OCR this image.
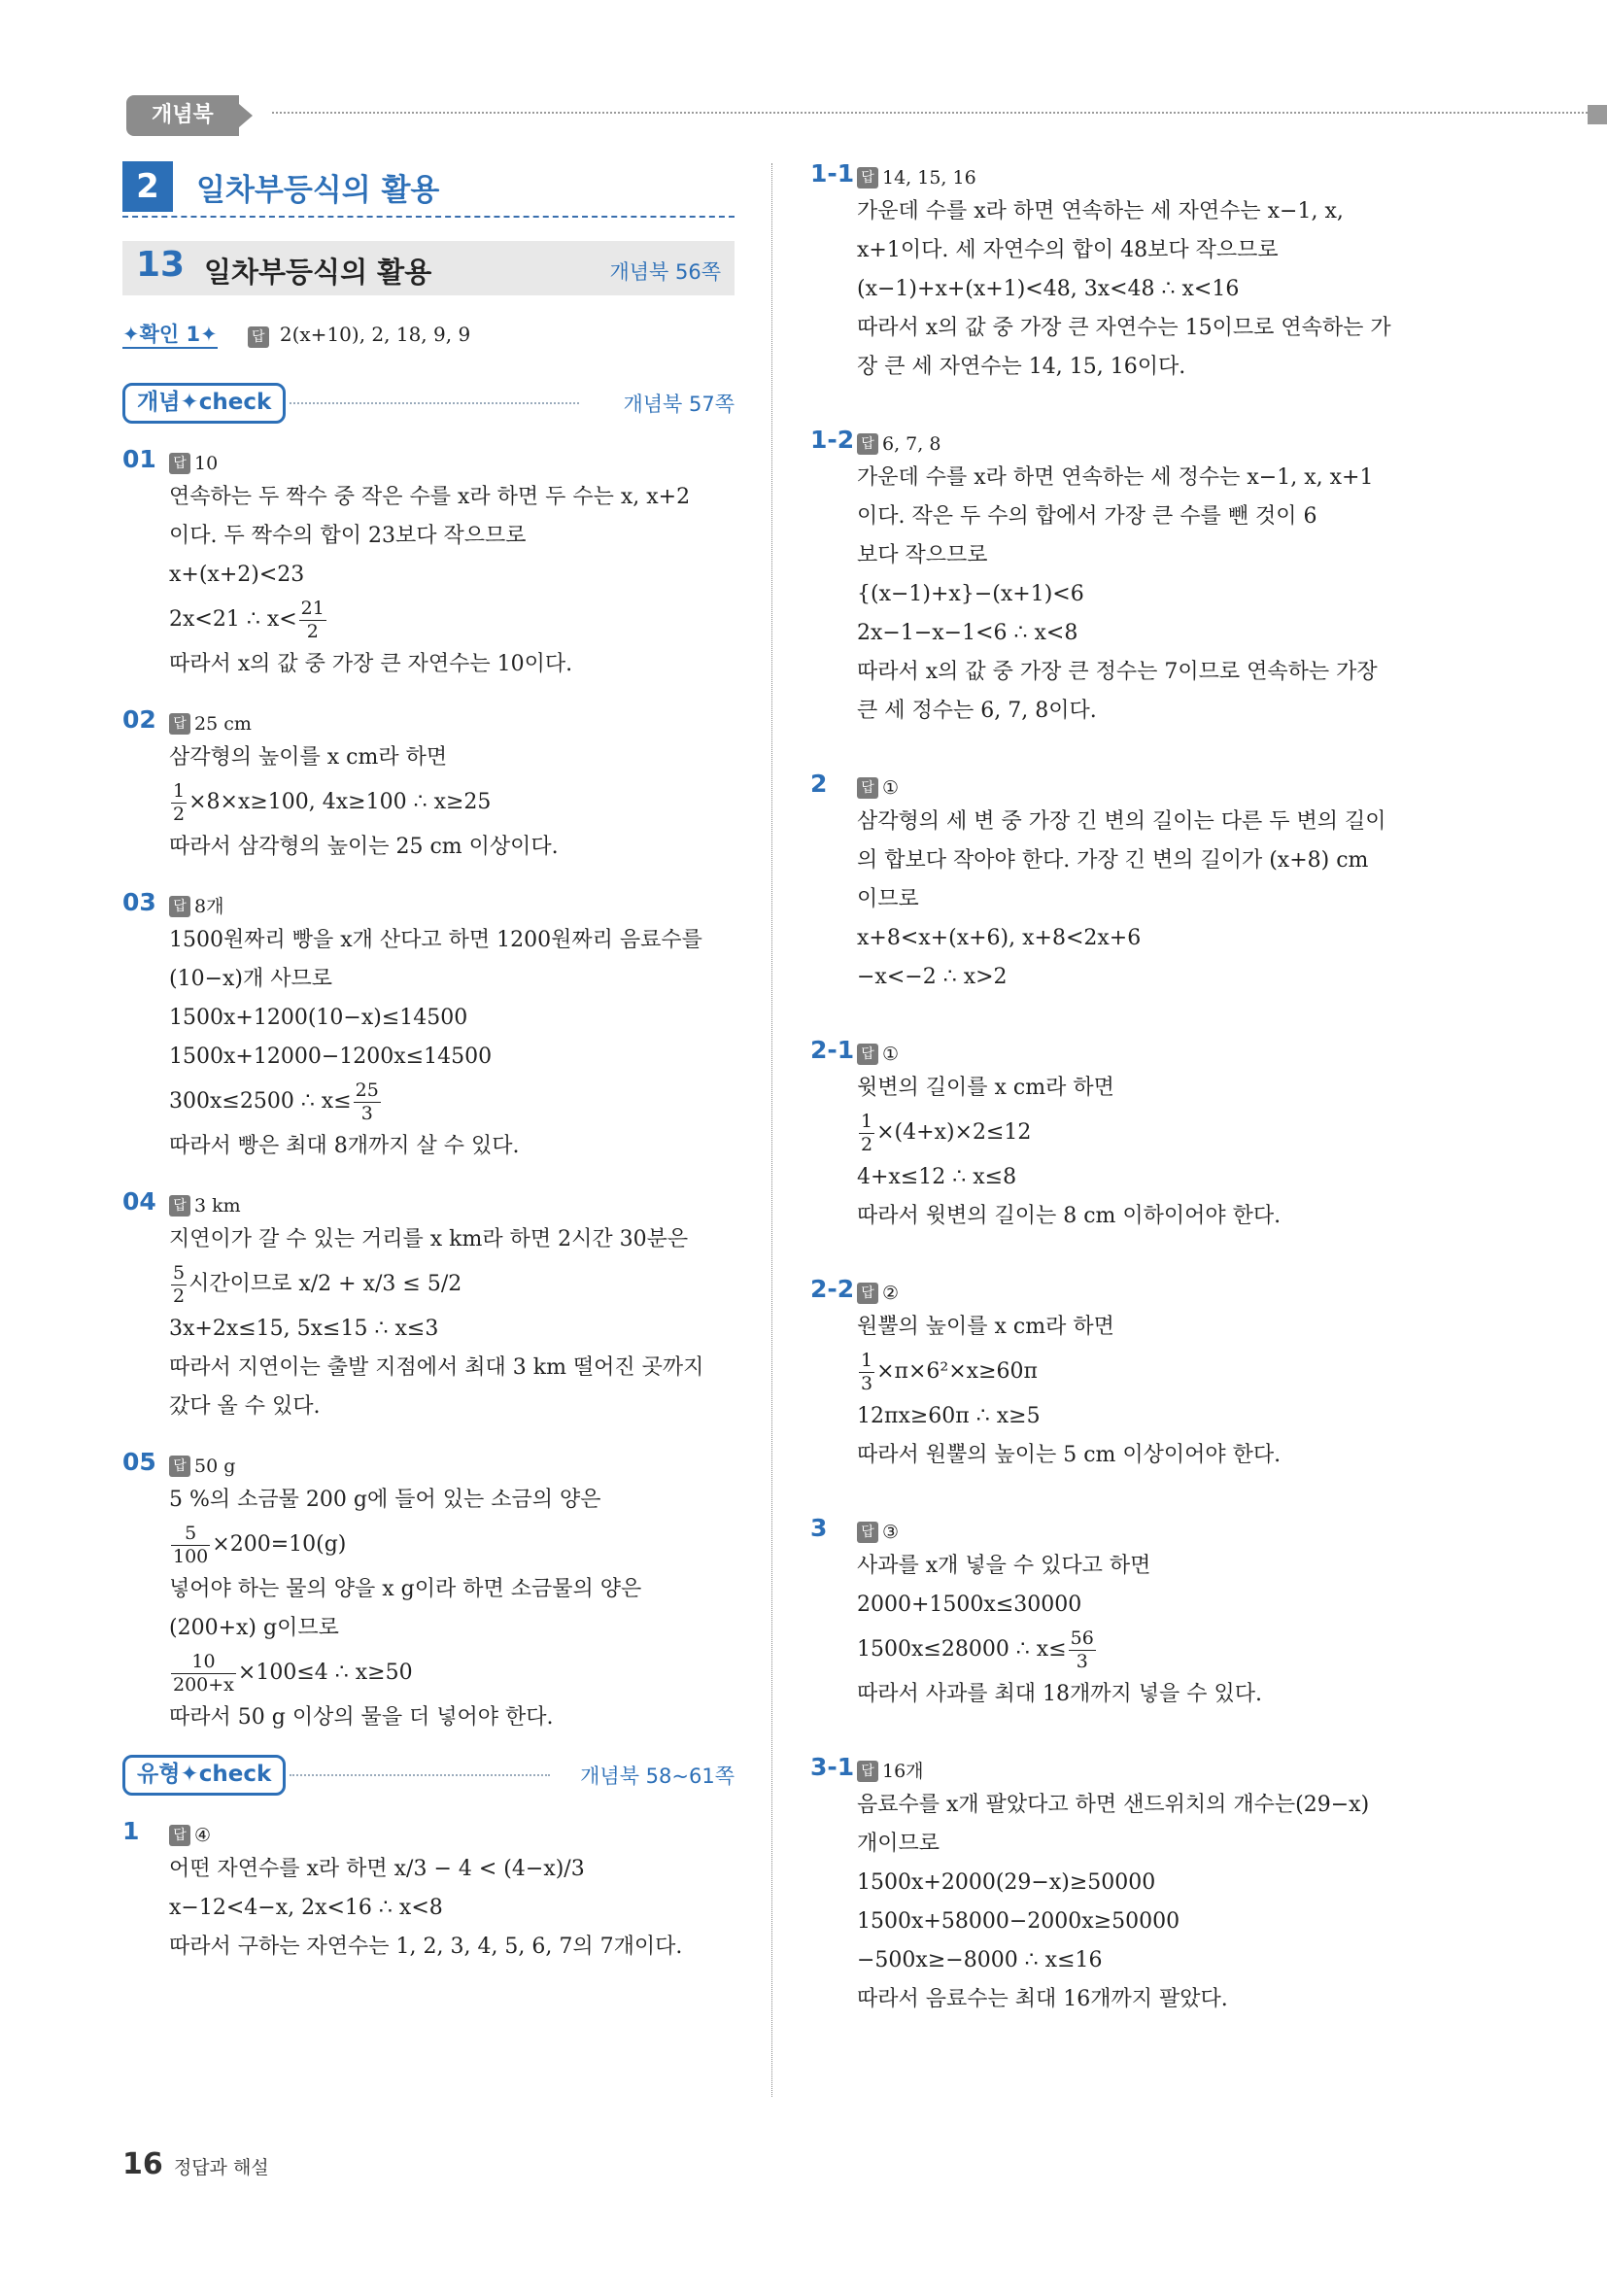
개념북
2	일차부등식의 활용
13 일차부등식의 활용	개념북 56쪽
✦확인 1✦	답 2(x+10), 2, 18, 9, 9
개념✦check	개념북 57쪽
01 답 10
연속하는 두 짝수 중 작은 수를 x라 하면 두 수는 x, x+2
이다. 두 짝수의 합이 23보다 작으므로
x+(x+2)<23
2x<21 ∴ $x< \frac{21}{2}$
따라서 x의 값 중 가장 큰 자연수는 10이다.
02 답 25 cm
삼각형의 높이를 x cm라 하면
$\frac{1}{2} \times 8\times x\ge 100$, 4x≥100 ∴ x≥25
따라서 삼각형의 높이는 25 cm 이상이다.
03 답 8개
1500원짜리 빵을 x개 산다고 하면 1200원짜리 음료수를
(10−x)개 사므로
1500x+1200(10−x)≤14500
1500x+12000−1200x≤14500
300x≤2500 ∴ $x\le \frac{25}{3}$
따라서 빵은 최대 8개까지 살 수 있다.
04 답 3 km
지연이가 갈 수 있는 거리를 x km라 하면 2시간 30분은
$\frac{5}{2}$ 시간이므로 x/2 + x/3 ≤ 5/2
3x+2x≤15, 5x≤15 ∴ x≤3
따라서 지연이는 출발 지점에서 최대 3 km 떨어진 곳까지
갔다 올 수 있다.
05 답 50 g
5 %의 소금물 200 g에 들어 있는 소금의 양은
$\frac{5}{100} \times 200=10(g)$
넣어야 하는 물의 양을 x g이라 하면 소금물의 양은
(200+x) g이므로
$\frac{10}{200+x} \times 100\le 4$ ∴ x≥50
따라서 50 g 이상의 물을 더 넣어야 한다.
유형✦check	개념북 58~61쪽
1 답 ④
어떤 자연수를 x라 하면 x/3 − 4 < (4−x)/3
x−12<4−x, 2x<16 ∴ x<8
따라서 구하는 자연수는 1, 2, 3, 4, 5, 6, 7의 7개이다.
1-1 답 14, 15, 16
가운데 수를 x라 하면 연속하는 세 자연수는 x−1, x,
x+1이다. 세 자연수의 합이 48보다 작으므로
(x−1)+x+(x+1)<48, 3x<48 ∴ x<16
따라서 x의 값 중 가장 큰 자연수는 15이므로 연속하는 가
장 큰 세 자연수는 14, 15, 16이다.
1-2 답 6, 7, 8
가운데 수를 x라 하면 연속하는 세 정수는 x−1, x, x+1
이다. 작은 두 수의 합에서 가장 큰 수를 뺀 것이 6
보다 작으므로
{(x−1)+x}−(x+1)<6
2x−1−x−1<6 ∴ x<8
따라서 x의 값 중 가장 큰 정수는 7이므로 연속하는 가장
큰 세 정수는 6, 7, 8이다.
2 답 ①
삼각형의 세 변 중 가장 긴 변의 길이는 다른 두 변의 길이
의 합보다 작아야 한다. 가장 긴 변의 길이가 (x+8) cm
이므로
x+8<x+(x+6), x+8<2x+6
−x<−2 ∴ x>2
2-1 답 ①
윗변의 길이를 x cm라 하면
$\frac{1}{2} \times(4+x)\times 2\le 12$
4+x≤12 ∴ x≤8
따라서 윗변의 길이는 8 cm 이하이어야 한다.
2-2 답 ②
원뿔의 높이를 x cm라 하면
$\frac{1}{3} \times\pi\times 6^2\times x\ge 60\pi$
12πx≥60π ∴ x≥5
따라서 원뿔의 높이는 5 cm 이상이어야 한다.
3 답 ③
사과를 x개 넣을 수 있다고 하면
2000+1500x≤30000
1500x≤28000 ∴ $x\le \frac{56}{3}$
따라서 사과를 최대 18개까지 넣을 수 있다.
3-1 답 16개
음료수를 x개 팔았다고 하면 샌드위치의 개수는(29−x)
개이므로
1500x+2000(29−x)≥50000
1500x+58000−2000x≥50000
−500x≥−8000 ∴ x≤16
따라서 음료수는 최대 16개까지 팔았다.
16 정답과 해설
